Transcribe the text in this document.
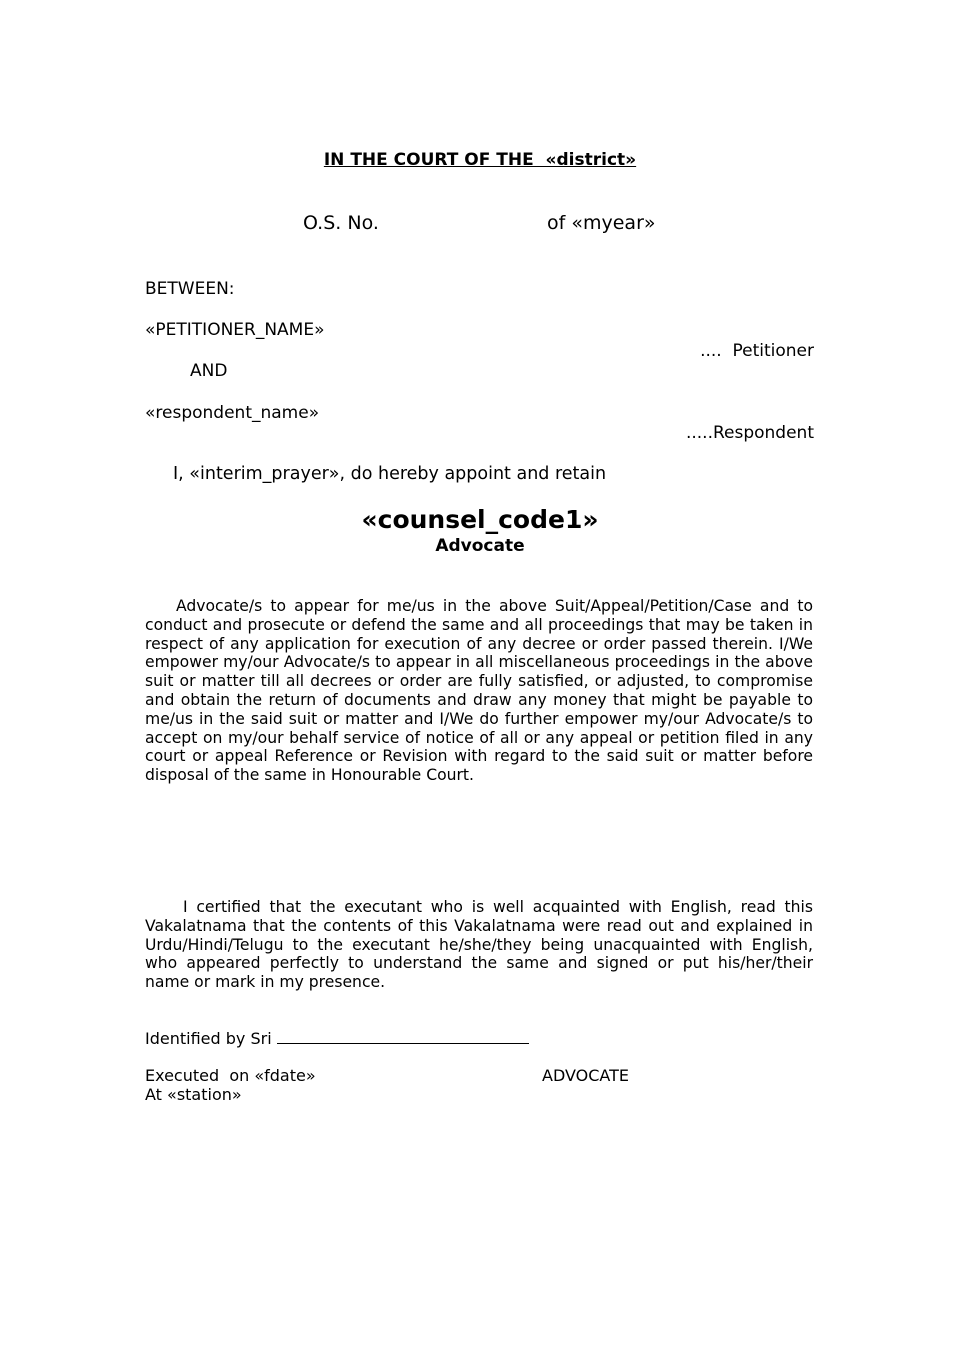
IN THE COURT OF THE  «district»
O.S. No.	of «myear»
BETWEEN:
«PETITIONER_NAME»
....  Petitioner
AND
«respondent_name»
.....Respondent
I, «interim_prayer», do hereby appoint and retain
«counsel_code1»
Advocate
Advocate/s to appear for me/us in the above Suit/Appeal/Petition/Case and to conduct and prosecute or defend the same and all proceedings that may be taken in respect of any application for execution of any decree or order passed therein. I/We empower my/our Advocate/s to appear in all miscellaneous proceedings in the above suit or matter till all decrees or order are fully satisfied, or adjusted, to compromise and obtain the return of documents and draw any money that might be payable to me/us in the said suit or matter and I/We do further empower my/our Advocate/s to accept on my/our behalf service of notice of all or any appeal or petition filed in any court or appeal Reference or Revision with regard to the said suit or matter before disposal of the same in Honourable Court.
I certified that the executant who is well acquainted with English, read this Vakalatnama that the contents of this Vakalatnama were read out and explained in Urdu/Hindi/Telugu to the executant he/she/they being unacquainted with English, who appeared perfectly to understand the same and signed or put his/her/their name or mark in my presence.
Identified by Sri
Executed  on «fdate»	ADVOCATE
At «station»
